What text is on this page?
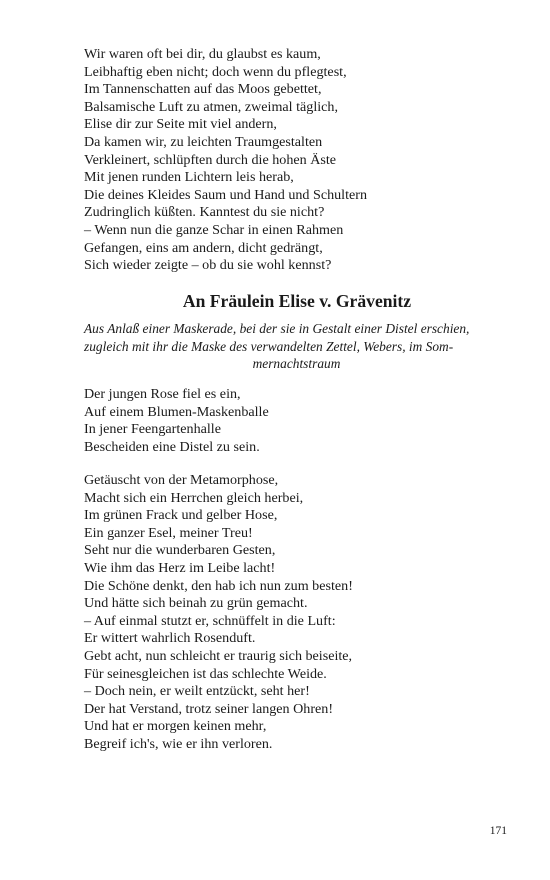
Wir waren oft bei dir, du glaubst es kaum,
Leibhaftig eben nicht; doch wenn du pflegtest,
Im Tannenschatten auf das Moos gebettet,
Balsamische Luft zu atmen, zweimal täglich,
Elise dir zur Seite mit viel andern,
Da kamen wir, zu leichten Traumgestalten
Verkleinert, schlüpften durch die hohen Äste
Mit jenen runden Lichtern leis herab,
Die deines Kleides Saum und Hand und Schultern
Zudringlich küßten. Kanntest du sie nicht?
– Wenn nun die ganze Schar in einen Rahmen
Gefangen, eins am andern, dicht gedrängt,
Sich wieder zeigte – ob du sie wohl kennst?
An Fräulein Elise v. Grävenitz

Aus Anlaß einer Maskerade, bei der sie in Gestalt einer Distel erschien,

zugleich mit ihr die Maske des verwandelten Zettel, Webers, im Som-

mernachtstraum

Der jungen Rose fiel es ein,
Auf einem Blumen-Maskenballe
In jener Feengartenhalle
Bescheiden eine Distel zu sein.
Getäuscht von der Metamorphose,
Macht sich ein Herrchen gleich herbei,
Im grünen Frack und gelber Hose,
Ein ganzer Esel, meiner Treu!
Seht nur die wunderbaren Gesten,
Wie ihm das Herz im Leibe lacht!
Die Schöne denkt, den hab ich nun zum besten!
Und hätte sich beinah zu grün gemacht.
– Auf einmal stutzt er, schnüffelt in die Luft:
Er wittert wahrlich Rosenduft.
Gebt acht, nun schleicht er traurig sich beiseite,
Für seinesgleichen ist das schlechte Weide.
– Doch nein, er weilt entzückt, seht her!
Der hat Verstand, trotz seiner langen Ohren!
Und hat er morgen keinen mehr,
Begreif ich's, wie er ihn verloren.

171
